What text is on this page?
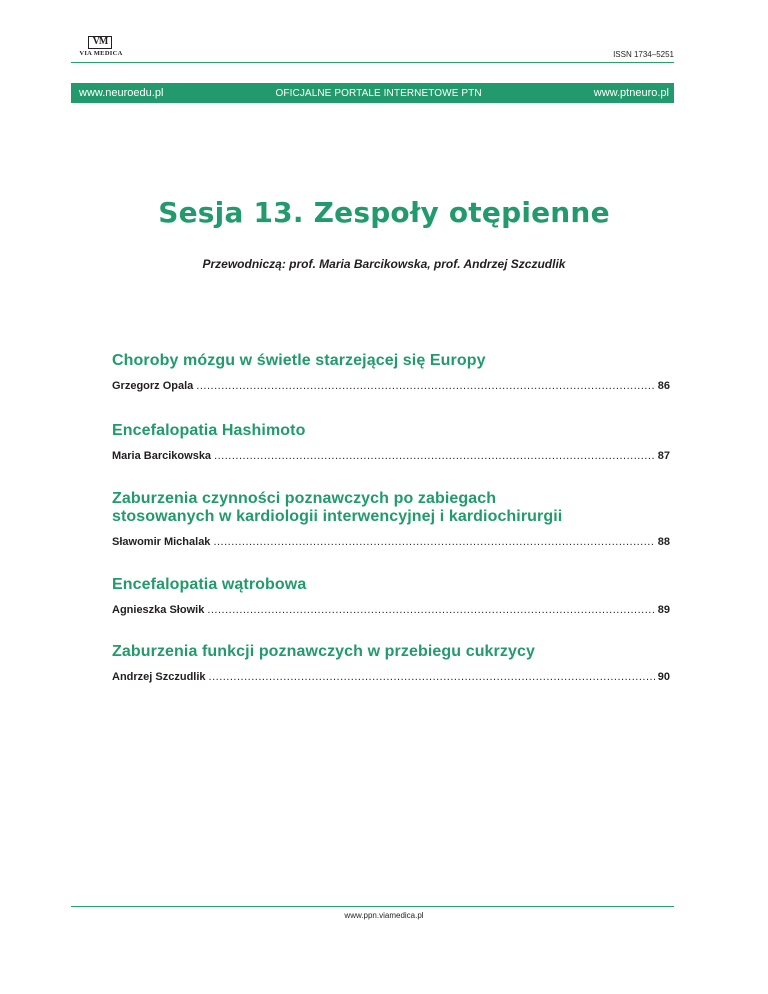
VM
VIA MEDICA	ISSN 1734–5251
www.neuroedu.pl	OFICJALNE PORTALE INTERNETOWE PTN	www.ptneuro.pl
Sesja 13. Zespoły otępienne
Przewodniczą: prof. Maria Barcikowska, prof. Andrzej Szczudlik
Choroby mózgu w świetle starzejącej się Europy
Grzegorz Opala .....	86
Encefalopatia Hashimoto
Maria Barcikowska .....	87
Zaburzenia czynności poznawczych po zabiegach
stosowanych w kardiologii interwencyjnej i kardiochirurgii
Sławomir Michalak .....	88
Encefalopatia wątrobowa
Agnieszka Słowik .....	89
Zaburzenia funkcji poznawczych w przebiegu cukrzycy
Andrzej Szczudlik .....	90
www.ppn.viamedica.pl
